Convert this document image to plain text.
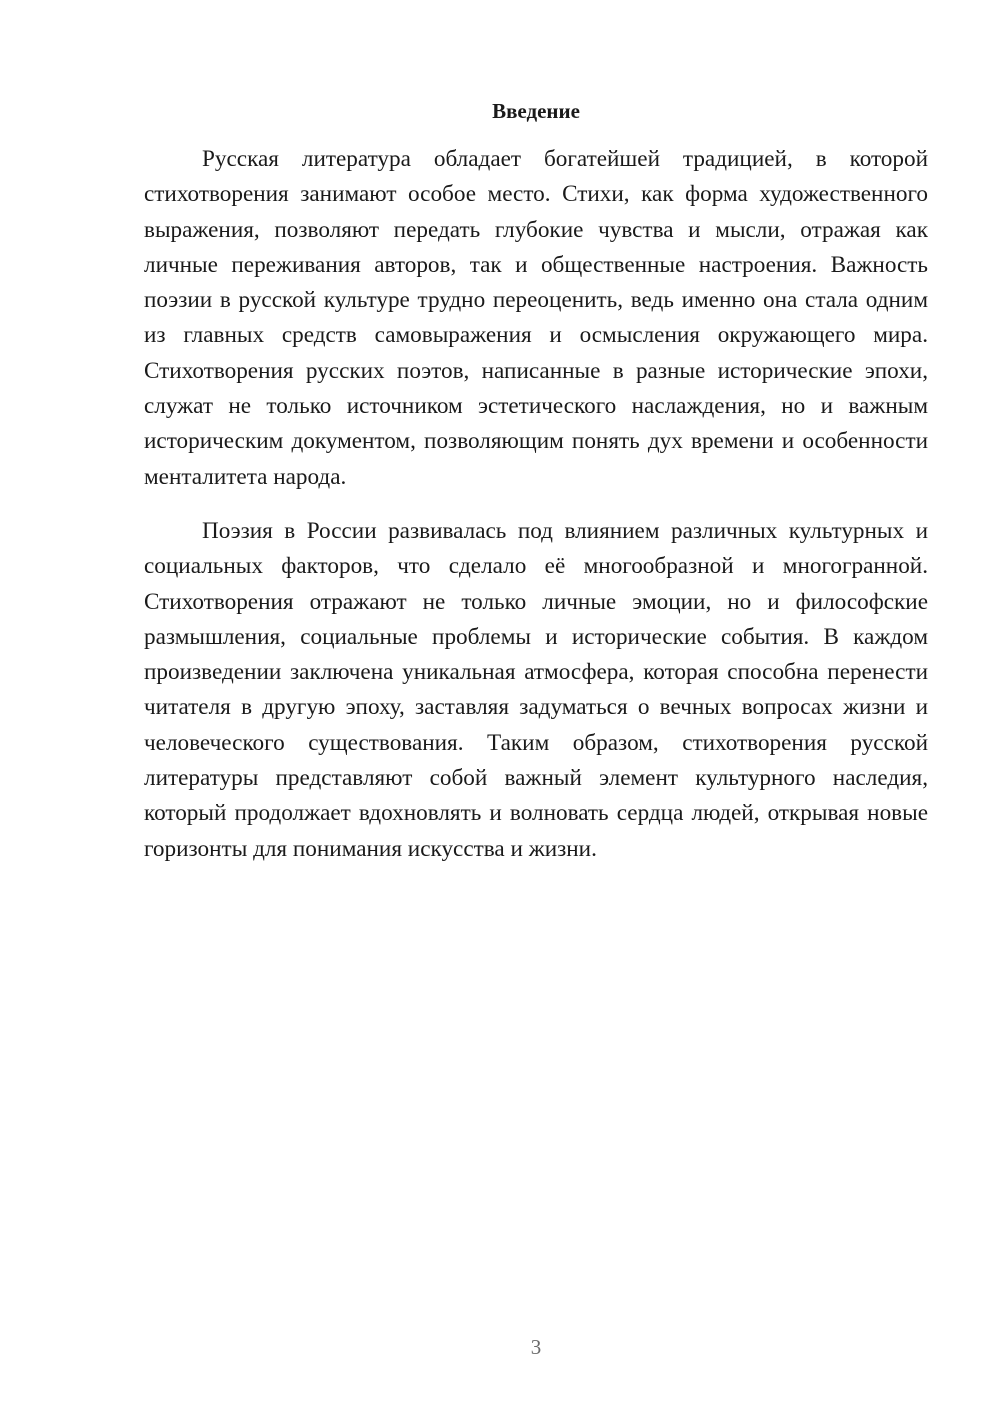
Введение

Русская литература обладает богатейшей традицией, в которой стихотворения занимают особое место. Стихи, как форма художественного выражения, позволяют передать глубокие чувства и мысли, отражая как личные переживания авторов, так и общественные настроения. Важность поэзии в русской культуре трудно переоценить, ведь именно она стала одним из главных средств самовыражения и осмысления окружающего мира. Стихотворения русских поэтов, написанные в разные исторические эпохи, служат не только источником эстетического наслаждения, но и важным историческим документом, позволяющим понять дух времени и особенности менталитета народа.

Поэзия в России развивалась под влиянием различных культурных и социальных факторов, что сделало её многообразной и многогранной. Стихотворения отражают не только личные эмоции, но и философские размышления, социальные проблемы и исторические события. В каждом произведении заключена уникальная атмосфера, которая способна перенести читателя в другую эпоху, заставляя задуматься о вечных вопросах жизни и человеческого существования. Таким образом, стихотворения русской литературы представляют собой важный элемент культурного наследия, который продолжает вдохновлять и волновать сердца людей, открывая новые горизонты для понимания искусства и жизни.

3
